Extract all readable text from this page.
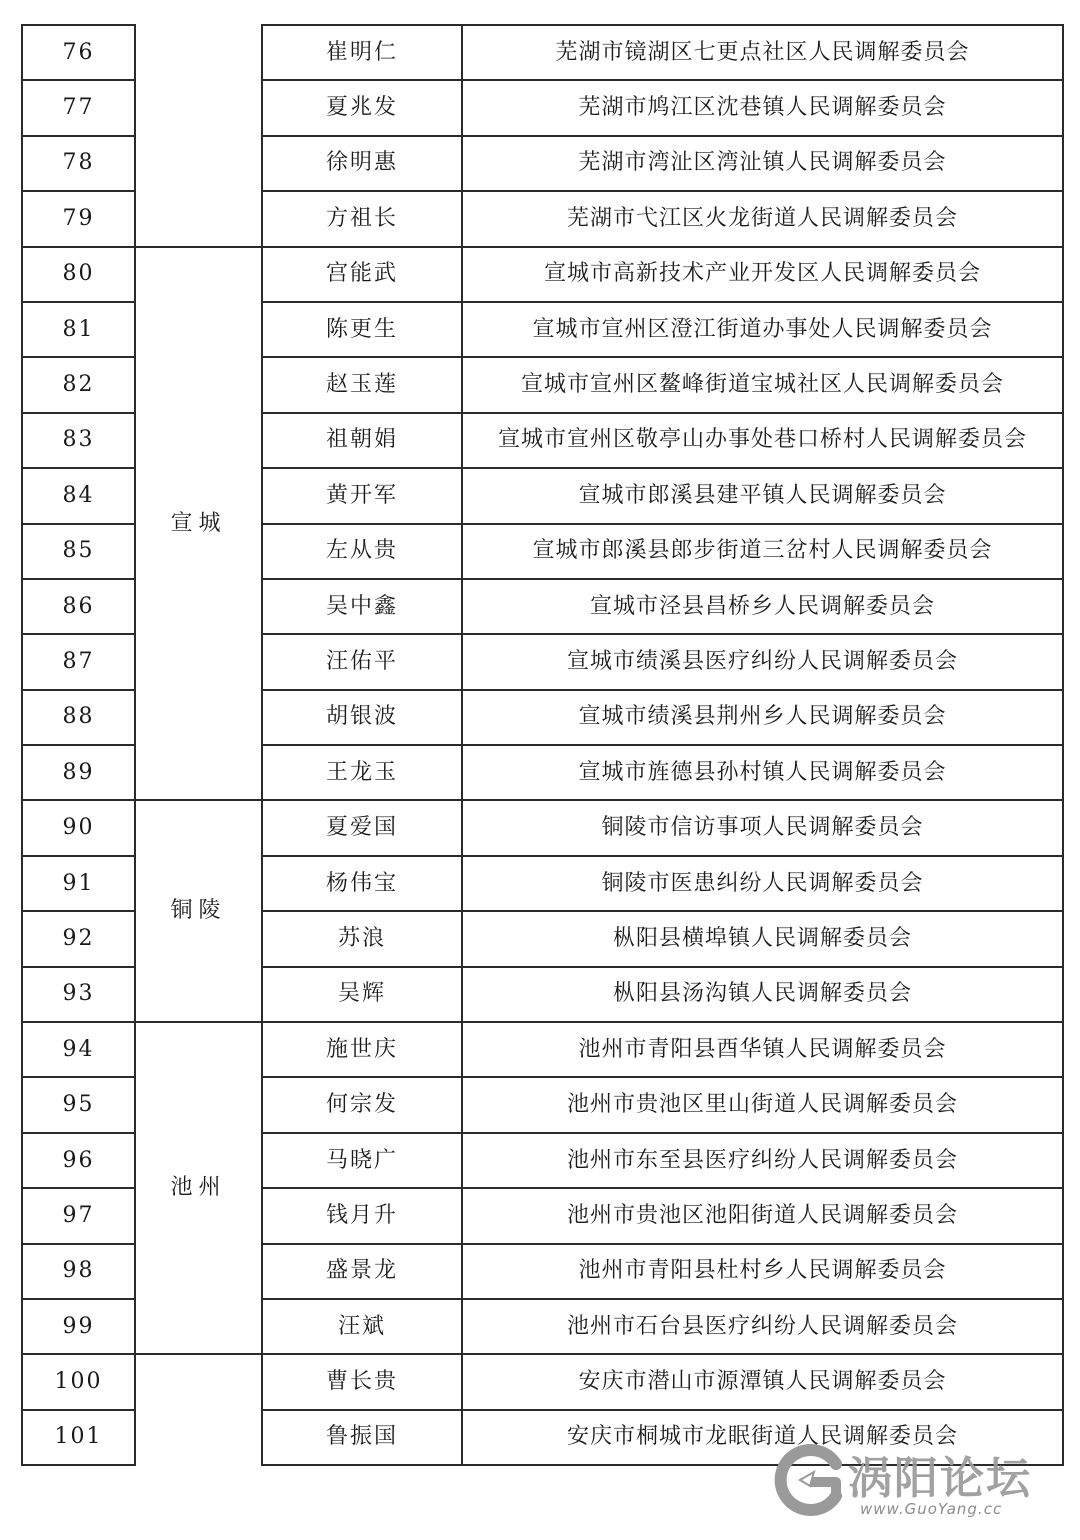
76		崔明仁	芜湖市镜湖区七更点社区人民调解委员会
77		夏兆发	芜湖市鸠江区沈巷镇人民调解委员会
78		徐明惠	芜湖市湾沚区湾沚镇人民调解委员会
79		方祖长	芜湖市弋江区火龙街道人民调解委员会
80	宣城	宫能武	宣城市高新技术产业开发区人民调解委员会
81		陈更生	宣城市宣州区澄江街道办事处人民调解委员会
82		赵玉莲	宣城市宣州区鳌峰街道宝城社区人民调解委员会
83		祖朝娟	宣城市宣州区敬亭山办事处巷口桥村人民调解委员会
84		黄开军	宣城市郎溪县建平镇人民调解委员会
85		左从贵	宣城市郎溪县郎步街道三岔村人民调解委员会
86		吴中鑫	宣城市泾县昌桥乡人民调解委员会
87		汪佑平	宣城市绩溪县医疗纠纷人民调解委员会
88		胡银波	宣城市绩溪县荆州乡人民调解委员会
89		王龙玉	宣城市旌德县孙村镇人民调解委员会
90	铜陵	夏爱国	铜陵市信访事项人民调解委员会
91		杨伟宝	铜陵市医患纠纷人民调解委员会
92		苏浪	枞阳县横埠镇人民调解委员会
93		吴辉	枞阳县汤沟镇人民调解委员会
94	池州	施世庆	池州市青阳县酉华镇人民调解委员会
95		何宗发	池州市贵池区里山街道人民调解委员会
96		马晓广	池州市东至县医疗纠纷人民调解委员会
97		钱月升	池州市贵池区池阳街道人民调解委员会
98		盛景龙	池州市青阳县杜村乡人民调解委员会
99		汪斌	池州市石台县医疗纠纷人民调解委员会
100		曹长贵	安庆市潜山市源潭镇人民调解委员会
101		鲁振国	安庆市桐城市龙眠街道人民调解委员会
涡阳论坛
www.GuoYang.cc
